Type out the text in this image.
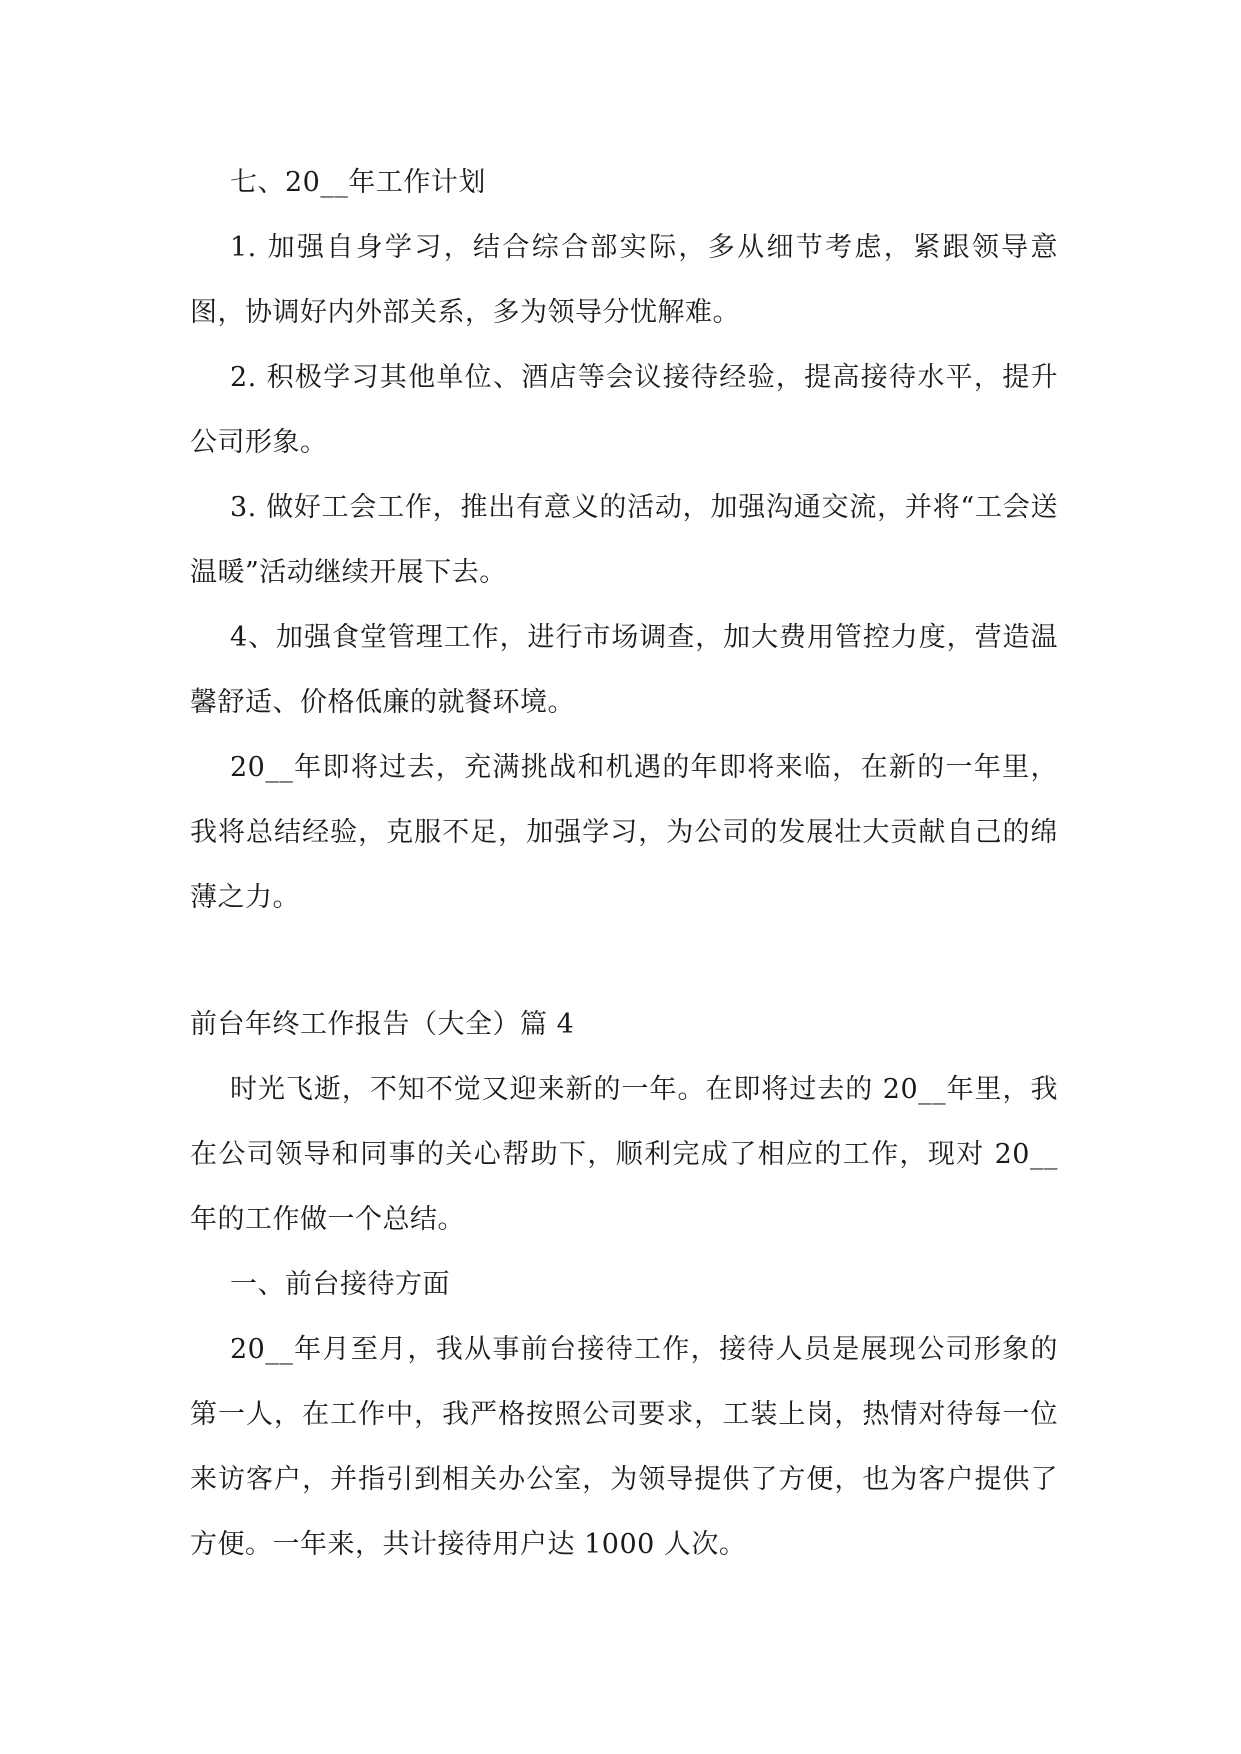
七、20__年工作计划

1. 加强自身学习，结合综合部实际，多从细节考虑，紧跟领导意图，协调好内外部关系，多为领导分忧解难。

2. 积极学习其他单位、酒店等会议接待经验，提高接待水平，提升公司形象。

3. 做好工会工作，推出有意义的活动，加强沟通交流，并将“工会送温暖”活动继续开展下去。

4、加强食堂管理工作，进行市场调查，加大费用管控力度，营造温馨舒适、价格低廉的就餐环境。

20__年即将过去，充满挑战和机遇的年即将来临，在新的一年里，我将总结经验，克服不足，加强学习，为公司的发展壮大贡献自己的绵薄之力。

前台年终工作报告（大全）篇 4

时光飞逝，不知不觉又迎来新的一年。在即将过去的 20__年里，我在公司领导和同事的关心帮助下，顺利完成了相应的工作，现对 20__年的工作做一个总结。

一、前台接待方面

20__年月至月，我从事前台接待工作，接待人员是展现公司形象的第一人，在工作中，我严格按照公司要求，工装上岗，热情对待每一位来访客户，并指引到相关办公室，为领导提供了方便，也为客户提供了方便。一年来，共计接待用户达 1000 人次。
